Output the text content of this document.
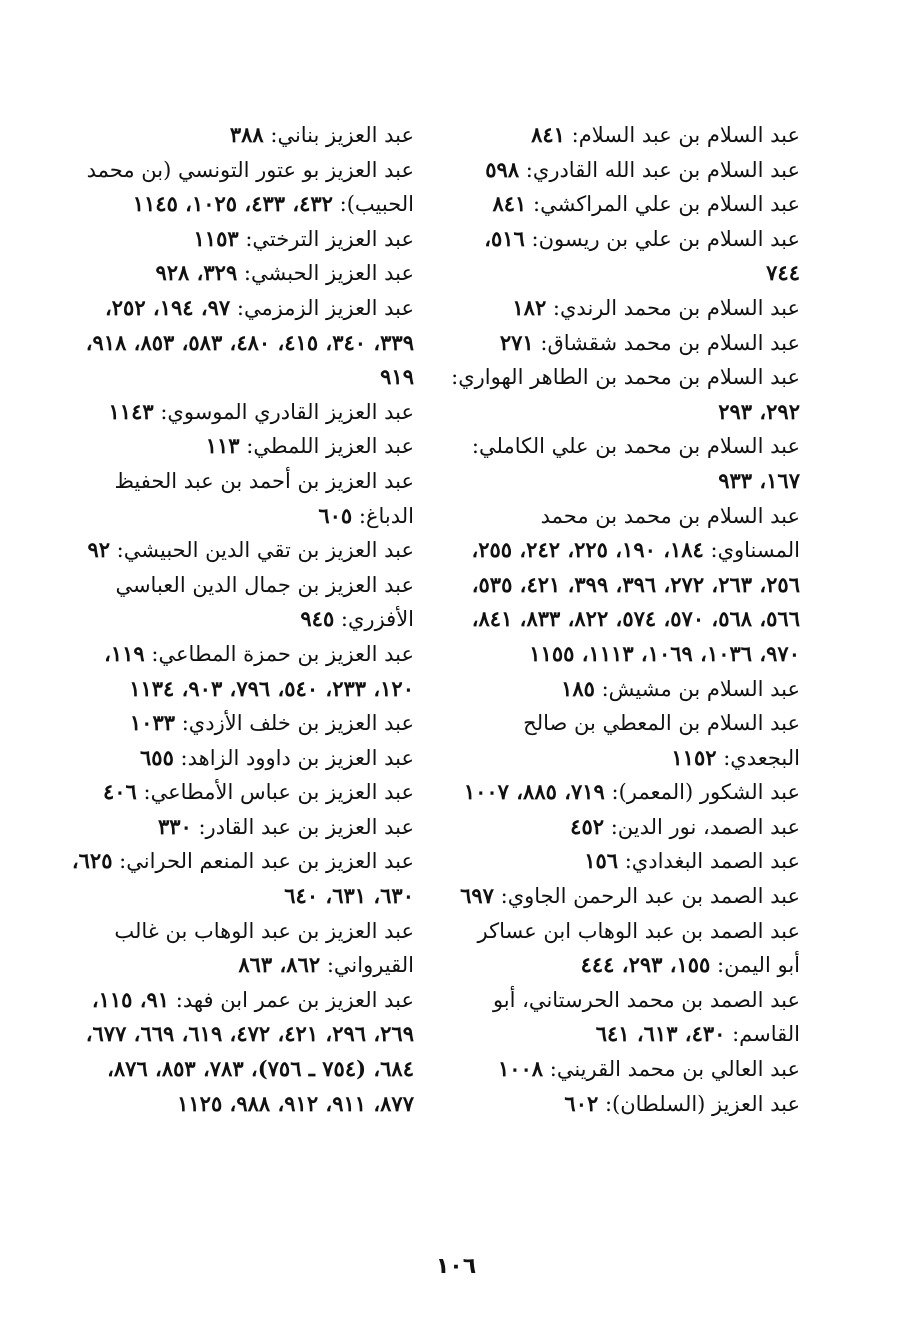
عبد السلام بن عبد السلام: ٨٤١

عبد السلام بن عبد الله القادري: ٥٩٨

عبد السلام بن علي المراكشي: ٨٤١

عبد السلام بن علي بن ريسون: ٥١٦، ٧٤٤

عبد السلام بن محمد الرندي: ١٨٢

عبد السلام بن محمد شقشاق: ٢٧١

عبد السلام بن محمد بن الطاهر الهواري: ٢٩٢، ٢٩٣

عبد السلام بن محمد بن علي الكاملي: ١٦٧، ٩٣٣

عبد السلام بن محمد بن محمد المسناوي: ١٨٤، ١٩٠، ٢٢٥، ٢٤٢، ٢٥٥، ٢٥٦، ٢٦٣، ٢٧٢، ٣٩٦، ٣٩٩، ٤٢١، ٥٣٥، ٥٦٦، ٥٦٨، ٥٧٠، ٥٧٤، ٨٢٢، ٨٣٣، ٨٤١، ٩٧٠، ١٠٣٦، ١٠٦٩، ١١١٣، ١١٥٥

عبد السلام بن مشيش: ١٨٥

عبد السلام بن المعطي بن صالح البجعدي: ١١٥٢

عبد الشكور (المعمر): ٧١٩، ٨٨٥، ١٠٠٧

عبد الصمد، نور الدين: ٤٥٢

عبد الصمد البغدادي: ١٥٦

عبد الصمد بن عبد الرحمن الجاوي: ٦٩٧

عبد الصمد بن عبد الوهاب ابن عساكر أبو اليمن: ١٥٥، ٢٩٣، ٤٤٤

عبد الصمد بن محمد الحرستاني، أبو القاسم: ٤٣٠، ٦١٣، ٦٤١

عبد العالي بن محمد القريني: ١٠٠٨

عبد العزيز (السلطان): ٦٠٢

عبد العزيز بناني: ٣٨٨

عبد العزيز بو عتور التونسي (بن محمد الحبيب): ٤٣٢، ٤٣٣، ١٠٢٥، ١١٤٥

عبد العزيز الترختي: ١١٥٣

عبد العزيز الحبشي: ٣٢٩، ٩٢٨

عبد العزيز الزمزمي: ٩٧، ١٩٤، ٢٥٢، ٣٣٩، ٣٤٠، ٤١٥، ٤٨٠، ٥٨٣، ٨٥٣، ٩١٨، ٩١٩

عبد العزيز القادري الموسوي: ١١٤٣

عبد العزيز اللمطي: ١١٣

عبد العزيز بن أحمد بن عبد الحفيظ الدباغ: ٦٠٥

عبد العزيز بن تقي الدين الحبيشي: ٩٢

عبد العزيز بن جمال الدين العباسي الأفزري: ٩٤٥

عبد العزيز بن حمزة المطاعي: ١١٩، ١٢٠، ٢٣٣، ٥٤٠، ٧٩٦، ٩٠٣، ١١٣٤

عبد العزيز بن خلف الأزدي: ١٠٣٣

عبد العزيز بن داوود الزاهد: ٦٥٥

عبد العزيز بن عباس الأمطاعي: ٤٠٦

عبد العزيز بن عبد القادر: ٣٣٠

عبد العزيز بن عبد المنعم الحراني: ٦٢٥، ٦٣٠، ٦٣١، ٦٤٠

عبد العزيز بن عبد الوهاب بن غالب القيرواني: ٨٦٢، ٨٦٣

عبد العزيز بن عمر ابن فهد: ٩١، ١١٥، ٢٦٩، ٢٩٦، ٤٢١، ٤٧٢، ٦١٩، ٦٦٩، ٦٧٧، ٦٨٤، (٧٥٤ ـ ٧٥٦)، ٧٨٣، ٨٥٣، ٨٧٦، ٨٧٧، ٩١١، ٩١٢، ٩٨٨، ١١٢٥

١٠٦
